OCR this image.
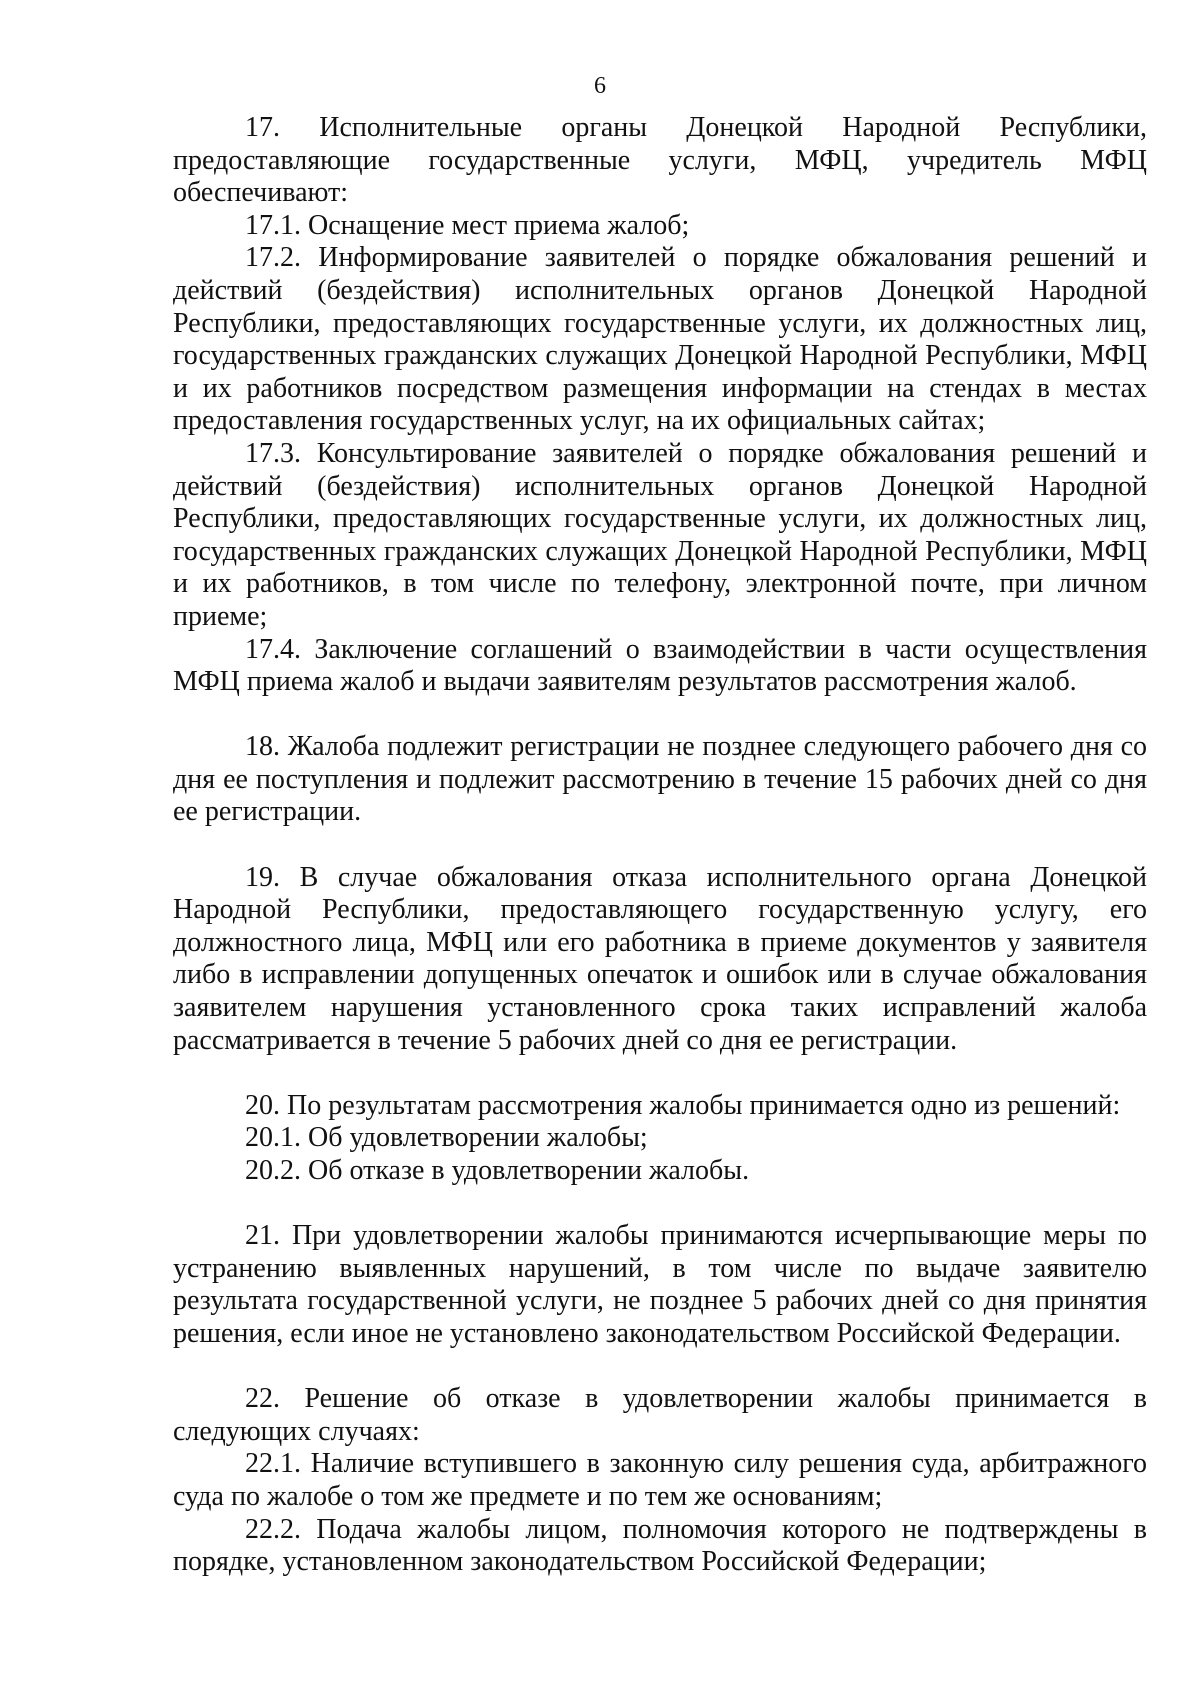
6

17. Исполнительные органы Донецкой Народной Республики, предоставляющие государственные услуги, МФЦ, учредитель МФЦ обеспечивают:

17.1. Оснащение мест приема жалоб;

17.2. Информирование заявителей о порядке обжалования решений и действий (бездействия) исполнительных органов Донецкой Народной Республики, предоставляющих государственные услуги, их должностных лиц, государственных гражданских служащих Донецкой Народной Республики, МФЦ и их работников посредством размещения информации на стендах в местах предоставления государственных услуг, на их официальных сайтах;

17.3. Консультирование заявителей о порядке обжалования решений и действий (бездействия) исполнительных органов Донецкой Народной Республики, предоставляющих государственные услуги, их должностных лиц, государственных гражданских служащих Донецкой Народной Республики, МФЦ и их работников, в том числе по телефону, электронной почте, при личном приеме;

17.4. Заключение соглашений о взаимодействии в части осуществления МФЦ приема жалоб и выдачи заявителям результатов рассмотрения жалоб.

18. Жалоба подлежит регистрации не позднее следующего рабочего дня со дня ее поступления и подлежит рассмотрению в течение 15 рабочих дней со дня ее регистрации.

19. В случае обжалования отказа исполнительного органа Донецкой Народной Республики, предоставляющего государственную услугу, его должностного лица, МФЦ или его работника в приеме документов у заявителя либо в исправлении допущенных опечаток и ошибок или в случае обжалования заявителем нарушения установленного срока таких исправлений жалоба рассматривается в течение 5 рабочих дней со дня ее регистрации.

20. По результатам рассмотрения жалобы принимается одно из решений:

20.1. Об удовлетворении жалобы;

20.2. Об отказе в удовлетворении жалобы.

21. При удовлетворении жалобы принимаются исчерпывающие меры по устранению выявленных нарушений, в том числе по выдаче заявителю результата государственной услуги, не позднее 5 рабочих дней со дня принятия решения, если иное не установлено законодательством Российской Федерации.

22. Решение об отказе в удовлетворении жалобы принимается в следующих случаях:

22.1. Наличие вступившего в законную силу решения суда, арбитражного суда по жалобе о том же предмете и по тем же основаниям;

22.2. Подача жалобы лицом, полномочия которого не подтверждены в порядке, установленном законодательством Российской Федерации;
